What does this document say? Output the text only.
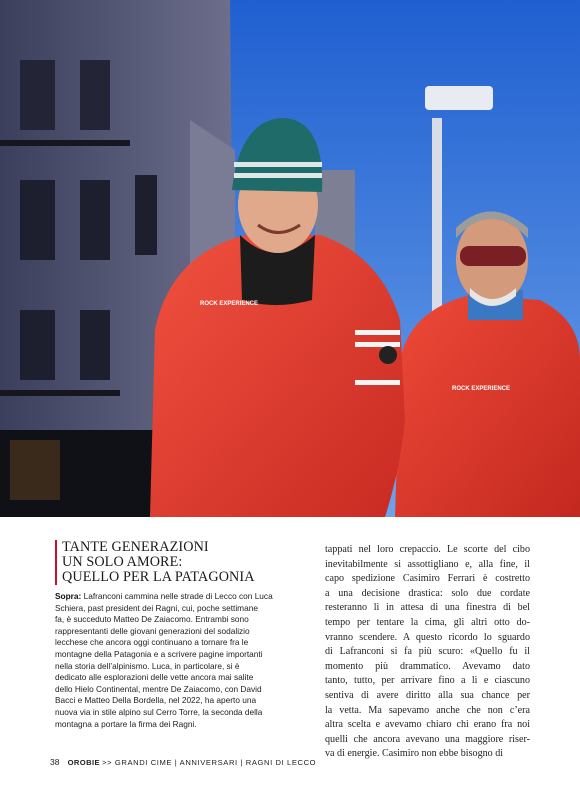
ROCK EXPERIENCE
ROCK EXPERIENCE
TANTE GENERAZIONI
UN SOLO AMORE:
QUELLO PER LA PATAGONIA
Sopra: Lafranconi cammina nelle strade di Lecco con Luca
Schiera, past president dei Ragni, cui, poche settimane
fa, è succeduto Matteo De Zaiacomo. Entrambi sono
rappresentanti delle giovani generazioni del sodalizio
lecchese che ancora oggi continuano a tornare fra le
montagne della Patagonia e a scrivere pagine importanti
nella storia dell’alpinismo. Luca, in particolare, si è
dedicato alle esplorazioni delle vette ancora mai salite
dello Hielo Continental, mentre De Zaiacomo, con David
Bacci e Matteo Della Bordella, nel 2022, ha aperto una
nuova via in stile alpino sul Cerro Torre, la seconda della
montagna a portare la firma dei Ragni.
tappati nel loro crepaccio. Le scorte del cibo
inevitabilmente si assottigliano e, alla fine, il
capo spedizione Casimiro Ferrari è costretto
a una decisione drastica: solo due cordate
resteranno lì in attesa di una finestra di bel
tempo per tentare la cima, gli altri otto do-
vranno scendere. A questo ricordo lo sguardo
di Lafranconi si fa più scuro: «Quello fu il
momento più drammatico. Avevamo dato
tanto, tutto, per arrivare fino a lì e ciascuno
sentiva di avere diritto alla sua chance per
la vetta. Ma sapevamo anche che non c’era
altra scelta e avevamo chiaro chi erano fra noi
quelli che ancora avevano una maggiore riser-
va di energie. Casimiro non ebbe bisogno di
38 OROBIE >> GRANDI CIME | ANNIVERSARI | RAGNI DI LECCO
